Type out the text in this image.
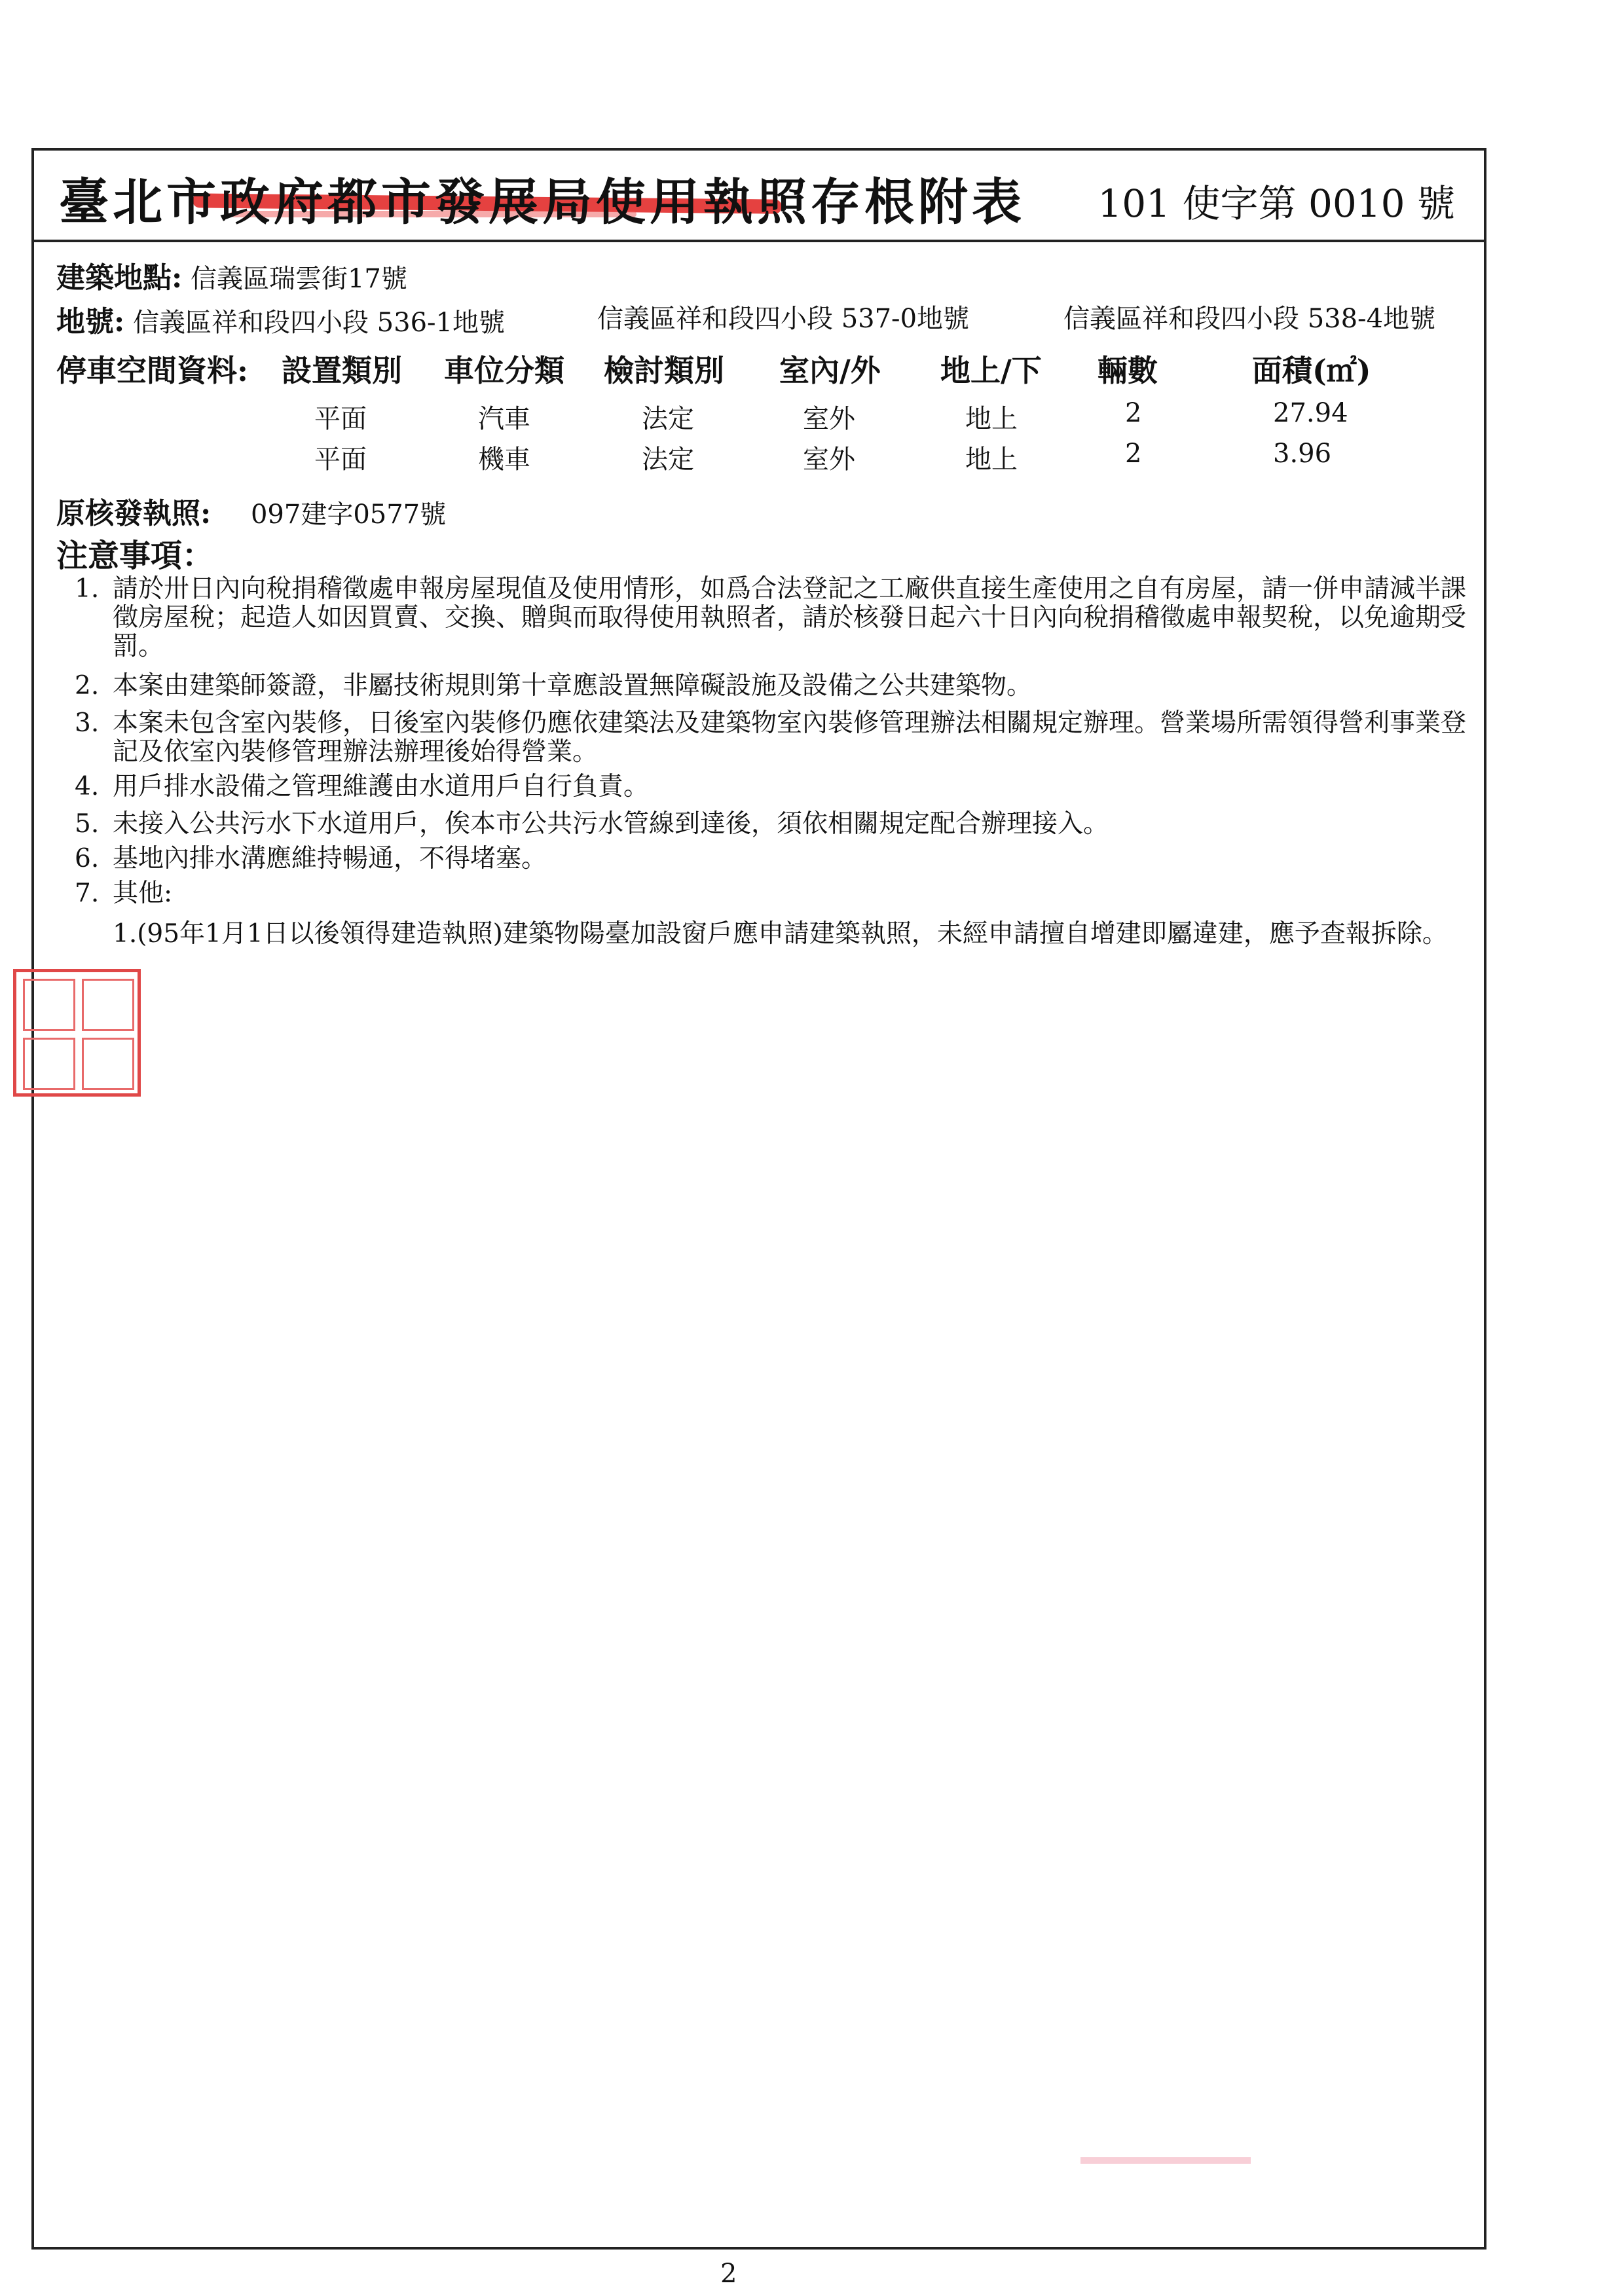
臺北市政府都市發展局使用執照存根附表 101 使字第 0010 號
建築地點: 信義區瑞雲街17號
地號: 信義區祥和段四小段 536-1地號	信義區祥和段四小段 537-0地號	信義區祥和段四小段 538-4地號
停車空間資料: 設置類別 車位分類 檢討類別 室內/外 地上/下 輛數	面積(㎡)
平面	汽車	法定	室外	地上	2	27.94
平面	機車	法定	室外	地上	2	3.96
原核發執照: 097建字0577號
注意事項：
1. 請於卅日內向稅捐稽徵處申報房屋現值及使用情形，如爲合法登記之工廠供直接生產使用之自有房屋，請一併申請減半課徵房屋稅；起造人如因買賣、交換、贈與而取得使用執照者，請於核發日起六十日內向稅捐稽徵處申報契稅，以免逾期受罰。
2. 本案由建築師簽證，非屬技術規則第十章應設置無障礙設施及設備之公共建築物。
3. 本案未包含室內裝修，日後室內裝修仍應依建築法及建築物室內裝修管理辦法相關規定辦理。營業場所需領得營利事業登記及依室內裝修管理辦法辦理後始得營業。
4. 用戶排水設備之管理維護由水道用戶自行負責。
5. 未接入公共污水下水道用戶，俟本市公共污水管線到達後，須依相關規定配合辦理接入。
6. 基地內排水溝應維持暢通，不得堵塞。
7. 其他:
1.(95年1月1日以後領得建造執照)建築物陽臺加設窗戶應申請建築執照，未經申請擅自增建即屬違建，應予查報拆除。
2
